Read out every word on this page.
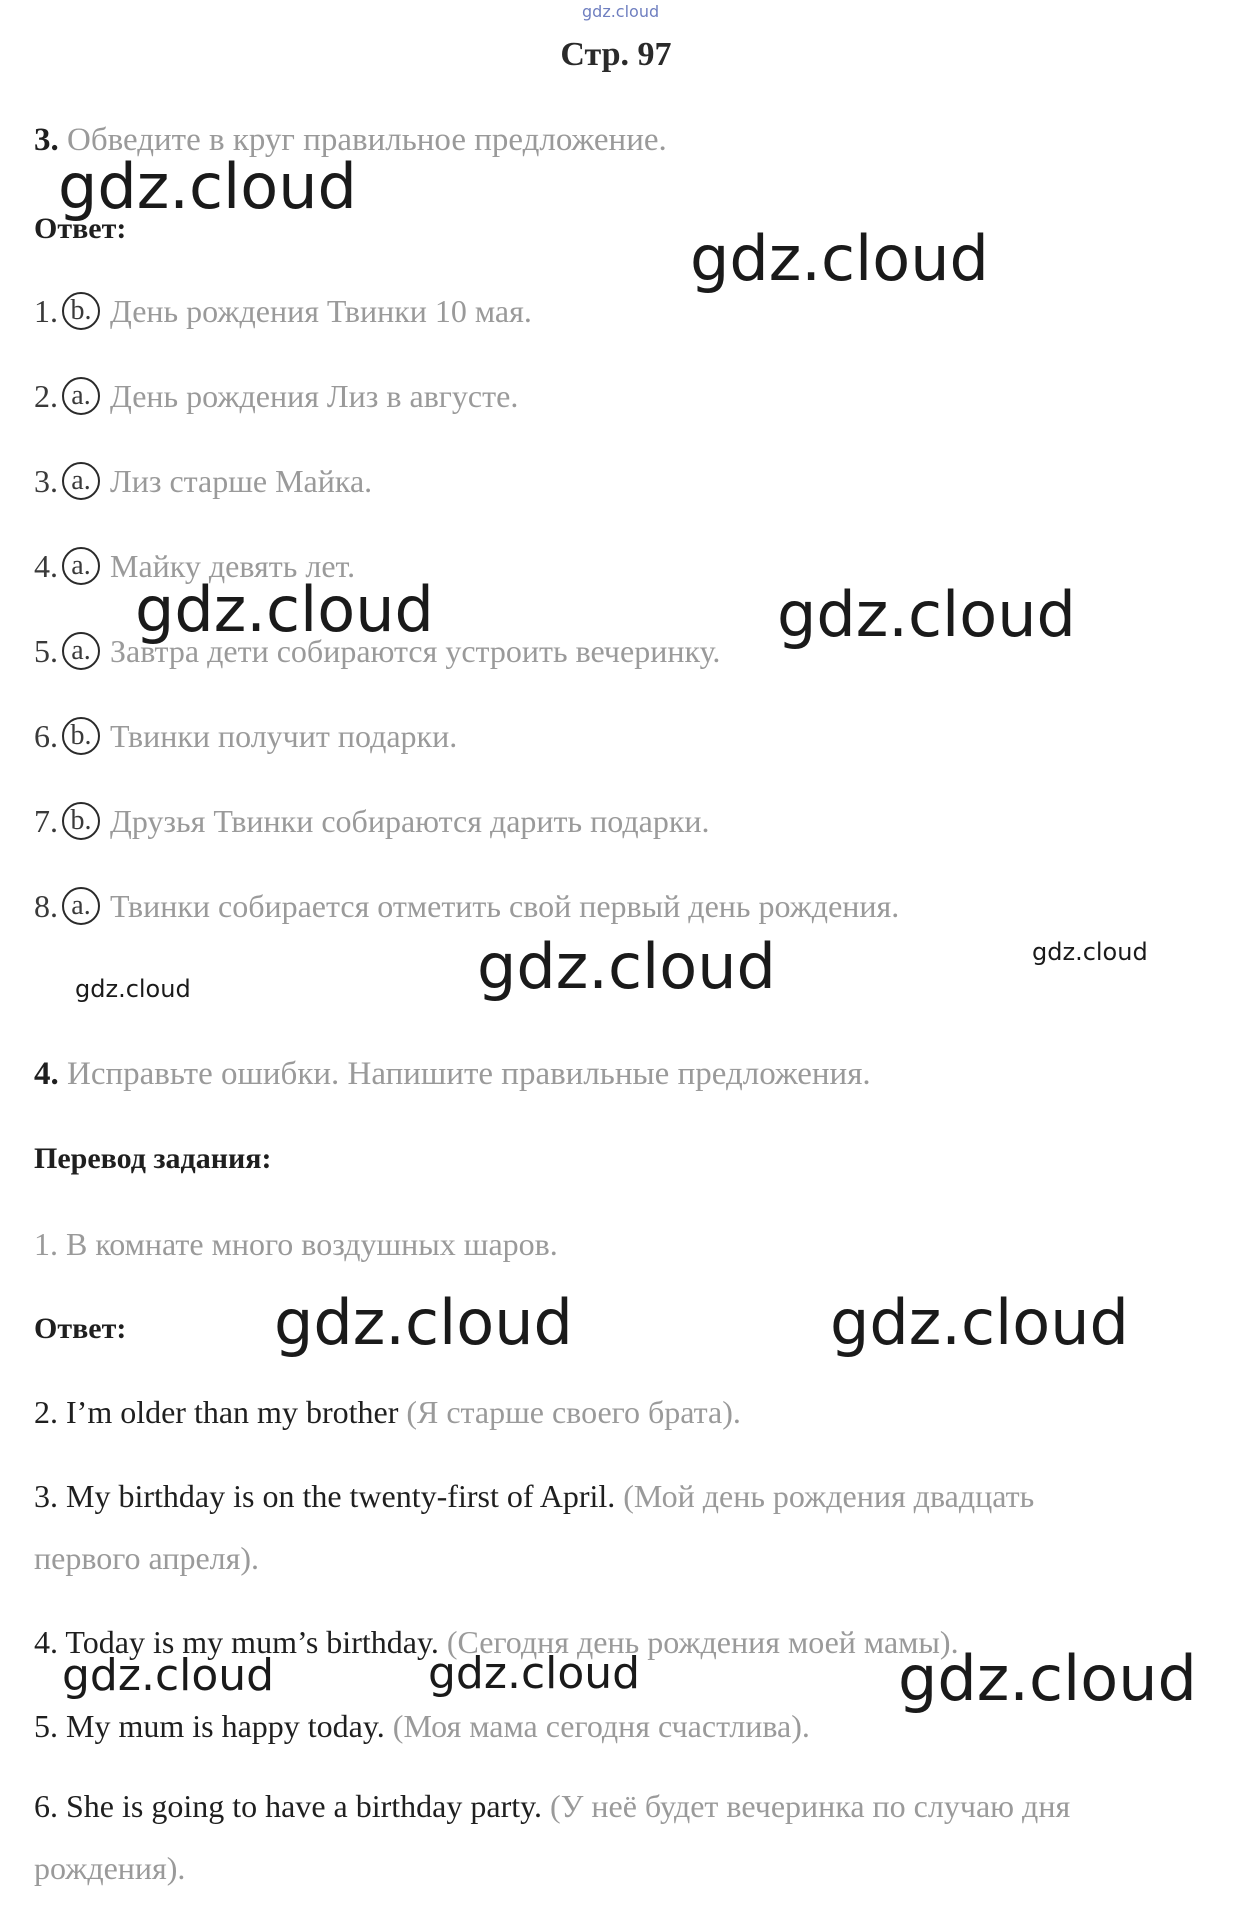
gdz.cloud
Стр. 97
3. Обведите в круг правильное предложение.
gdz.cloud
Ответ:	gdz.cloud
1. b. День рождения Твинки 10 мая.
2. a. День рождения Лиз в августе.
3. a. Лиз старше Майка.
4. a. Майку девять лет.
gdz.cloud	gdz.cloud
5. a. Завтра дети собираются устроить вечеринку.
6. b. Твинки получит подарки.
7. b. Друзья Твинки собираются дарить подарки.
8. a. Твинки собирается отметить свой первый день рождения.
gdz.cloud
gdz.cloud
gdz.cloud
4. Исправьте ошибки. Напишите правильные предложения.
Перевод задания:
1. В комнате много воздушных шаров.
Ответ: gdz.cloud	gdz.cloud
2. I’m older than my brother (Я старше своего брата).
3. My birthday is on the twenty-first of April. (Мой день рождения двадцать
первого апреля).
4. Today is my mum’s birthday. (Сегодня день рождения моей мамы).
gdz.cloud	gdz.cloud	gdz.cloud
5. My mum is happy today. (Моя мама сегодня счастлива).
6. She is going to have a birthday party. (У неё будет вечеринка по случаю дня
рождения).
